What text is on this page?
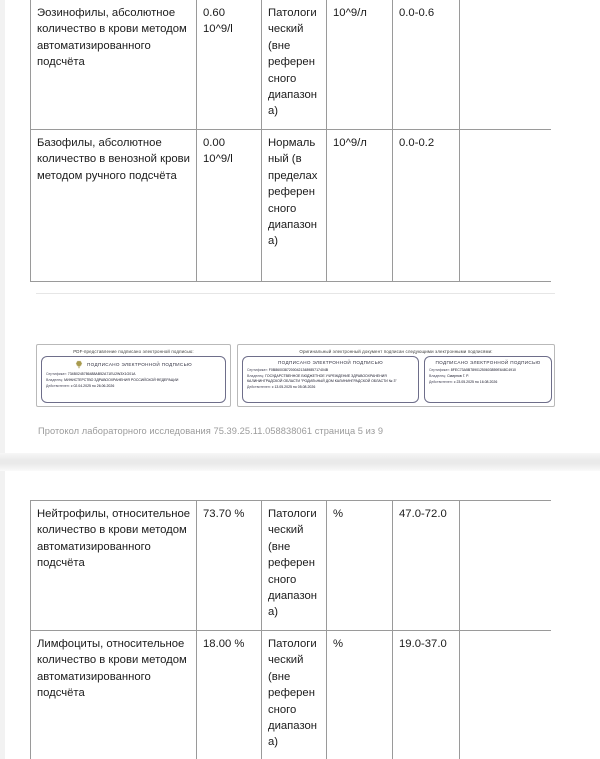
Эозинофилы, абсолютное количество в крови методом автоматизированного подсчёта	0.60 10^9/l	Патологический (вне референсного диапазона)	10^9/л	0.0-0.6	
Базофилы, абсолютное количество в венозной крови методом ручного подсчёта	0.00 10^9/l	Нормальный (в пределах референсного диапазона)	10^9/л	0.0-0.2	
PDF-представление подписано электронной подписью:
ПОДПИСАНО ЭЛЕКТРОННОЙ ПОДПИСЬЮ
Сертификат: 734B0245786488AB52A71EU2W3X1G01A
Владелец: МИНИСТЕРСТВО ЗДРАВООХРАНЕНИЯ РОССИЙСКОЙ ФЕДЕРАЦИИ
Действителен: с 02.04.2025 по 26.06.2026
Оригинальный электронный документ подписан следующими электронными подписями:
ПОДПИСАНО ЭЛЕКТРОННОЙ ПОДПИСЬЮ
Сертификат: F0B86003872000421348985717404B
Владелец: ГОСУДАРСТВЕННОЕ БЮДЖЕТНОЕ УЧРЕЖДЕНИЕ ЗДРАВООХРАНЕНИЯ КАЛИНИНГРАДСКОЙ ОБЛАСТИ "РОДИЛЬНЫЙ ДОМ КАЛИНИНГРАДСКОЙ ОБЛАСТИ № 3"
Действителен: с 13.05.2025 по 05.08.2026
ПОДПИСАНО ЭЛЕКТРОННОЙ ПОДПИСЬЮ
Сертификат: 8FEC73A5B78901250603859E648C4910
Владелец: Смирнов Г. Р.
Действителен: с 23.05.2025 по 16.08.2026
Протокол лабораторного исследования 75.39.25.11.058838061 страница 5 из 9
Нейтрофилы, относительное количество в крови методом автоматизированного подсчёта	73.70 %	Патологический (вне референсного диапазона)	%	47.0-72.0	
Лимфоциты, относительное количество в крови методом автоматизированного подсчёта	18.00 %	Патологический (вне референсного диапазона)	%	19.0-37.0	
